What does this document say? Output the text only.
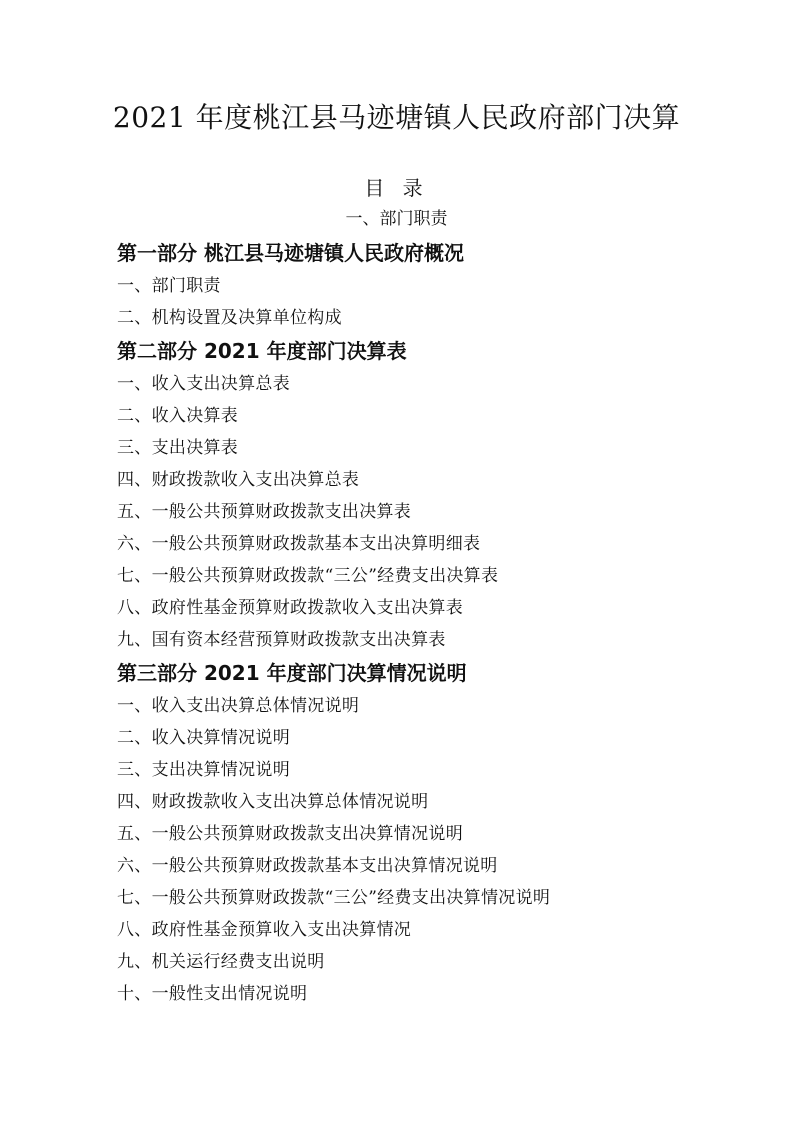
2021 年度桃江县马迹塘镇人民政府部门决算
目 录
一、部门职责
第一部分 桃江县马迹塘镇人民政府概况
一、部门职责
二、机构设置及决算单位构成
第二部分 2021 年度部门决算表
一、收入支出决算总表
二、收入决算表
三、支出决算表
四、财政拨款收入支出决算总表
五、一般公共预算财政拨款支出决算表
六、一般公共预算财政拨款基本支出决算明细表
七、一般公共预算财政拨款“三公”经费支出决算表
八、政府性基金预算财政拨款收入支出决算表
九、国有资本经营预算财政拨款支出决算表
第三部分 2021 年度部门决算情况说明
一、收入支出决算总体情况说明
二、收入决算情况说明
三、支出决算情况说明
四、财政拨款收入支出决算总体情况说明
五、一般公共预算财政拨款支出决算情况说明
六、一般公共预算财政拨款基本支出决算情况说明
七、一般公共预算财政拨款“三公”经费支出决算情况说明
八、政府性基金预算收入支出决算情况
九、机关运行经费支出说明
十、一般性支出情况说明
